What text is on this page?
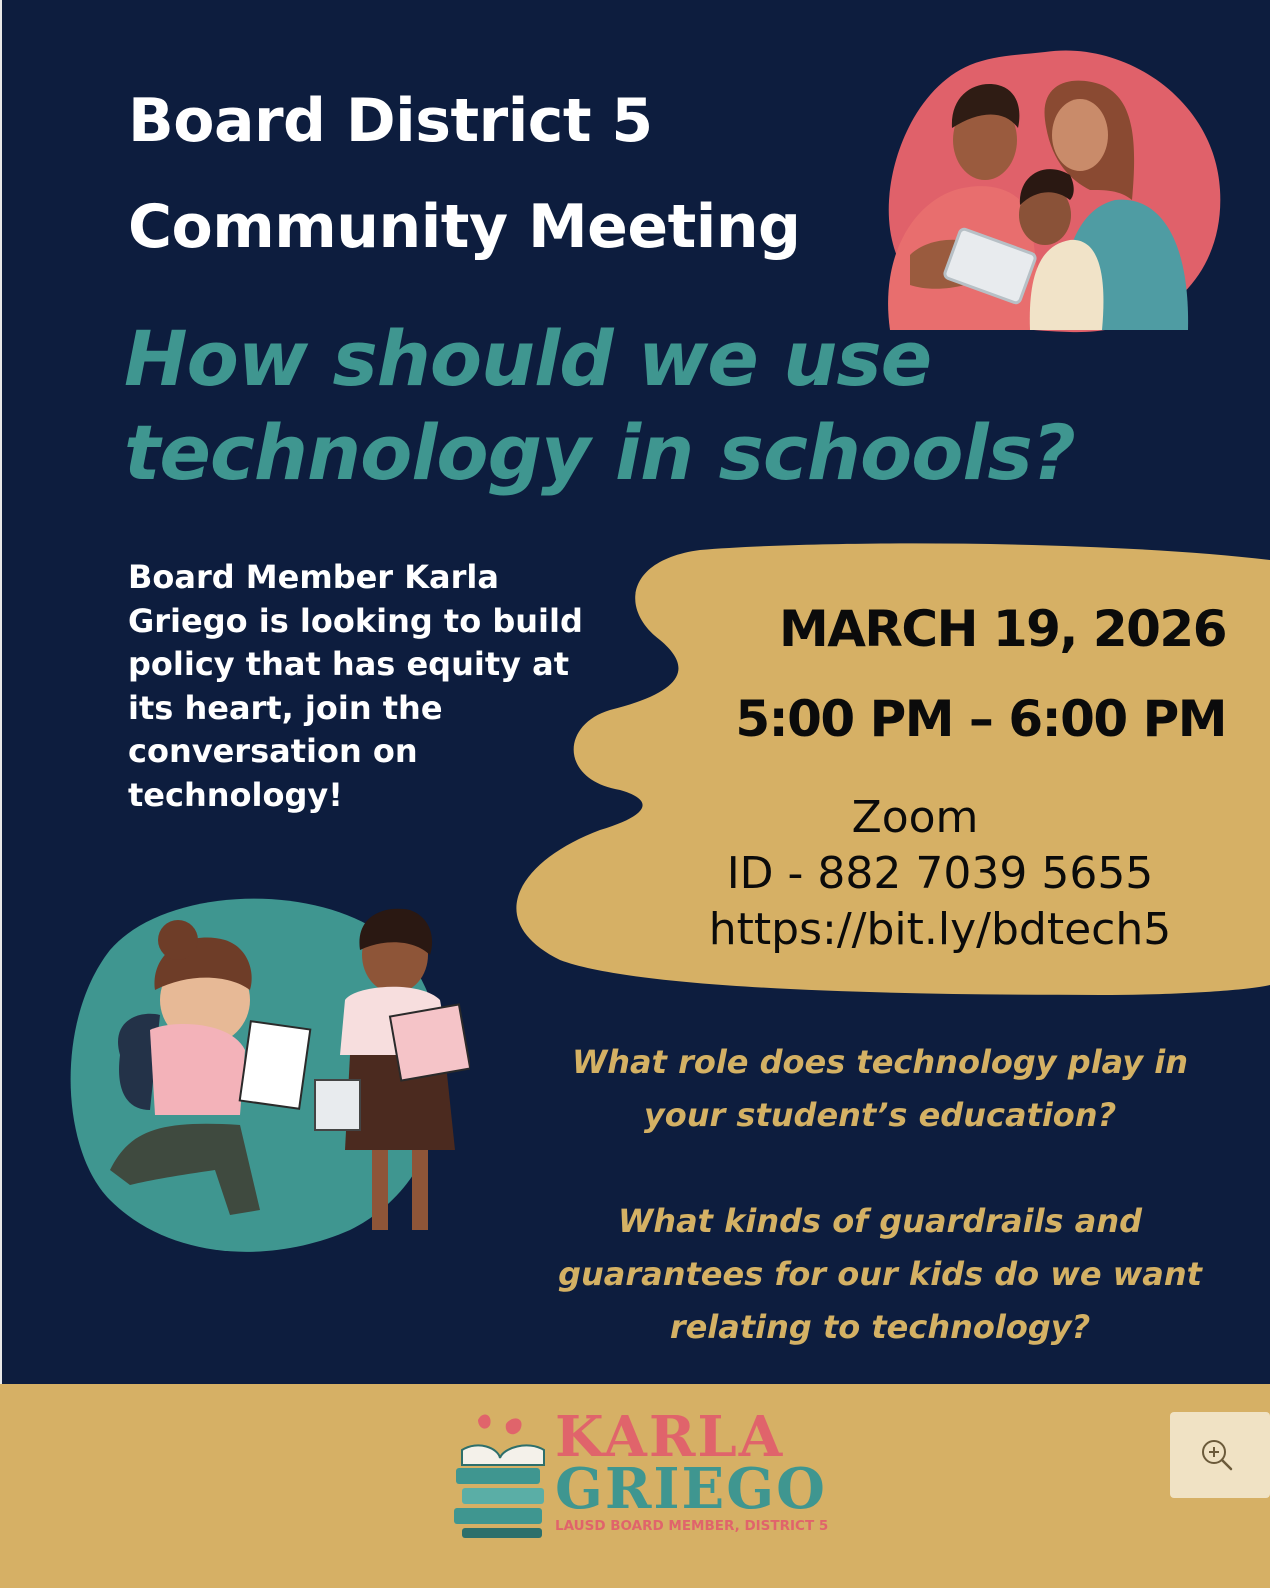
Board District 5
Community Meeting
How should we use
technology in schools?
Board Member Karla Griego is looking to build policy that has equity at its heart, join the conversation on technology!
MARCH 19, 2026
5:00 PM – 6:00 PM
Zoom
ID - 882 7039 5655
https://bit.ly/bdtech5
What role does technology play in
your student’s education?
What kinds of guardrails and
guarantees for our kids do we want
relating to technology?
KARLA
GRIEGO
LAUSD BOARD MEMBER, DISTRICT 5
